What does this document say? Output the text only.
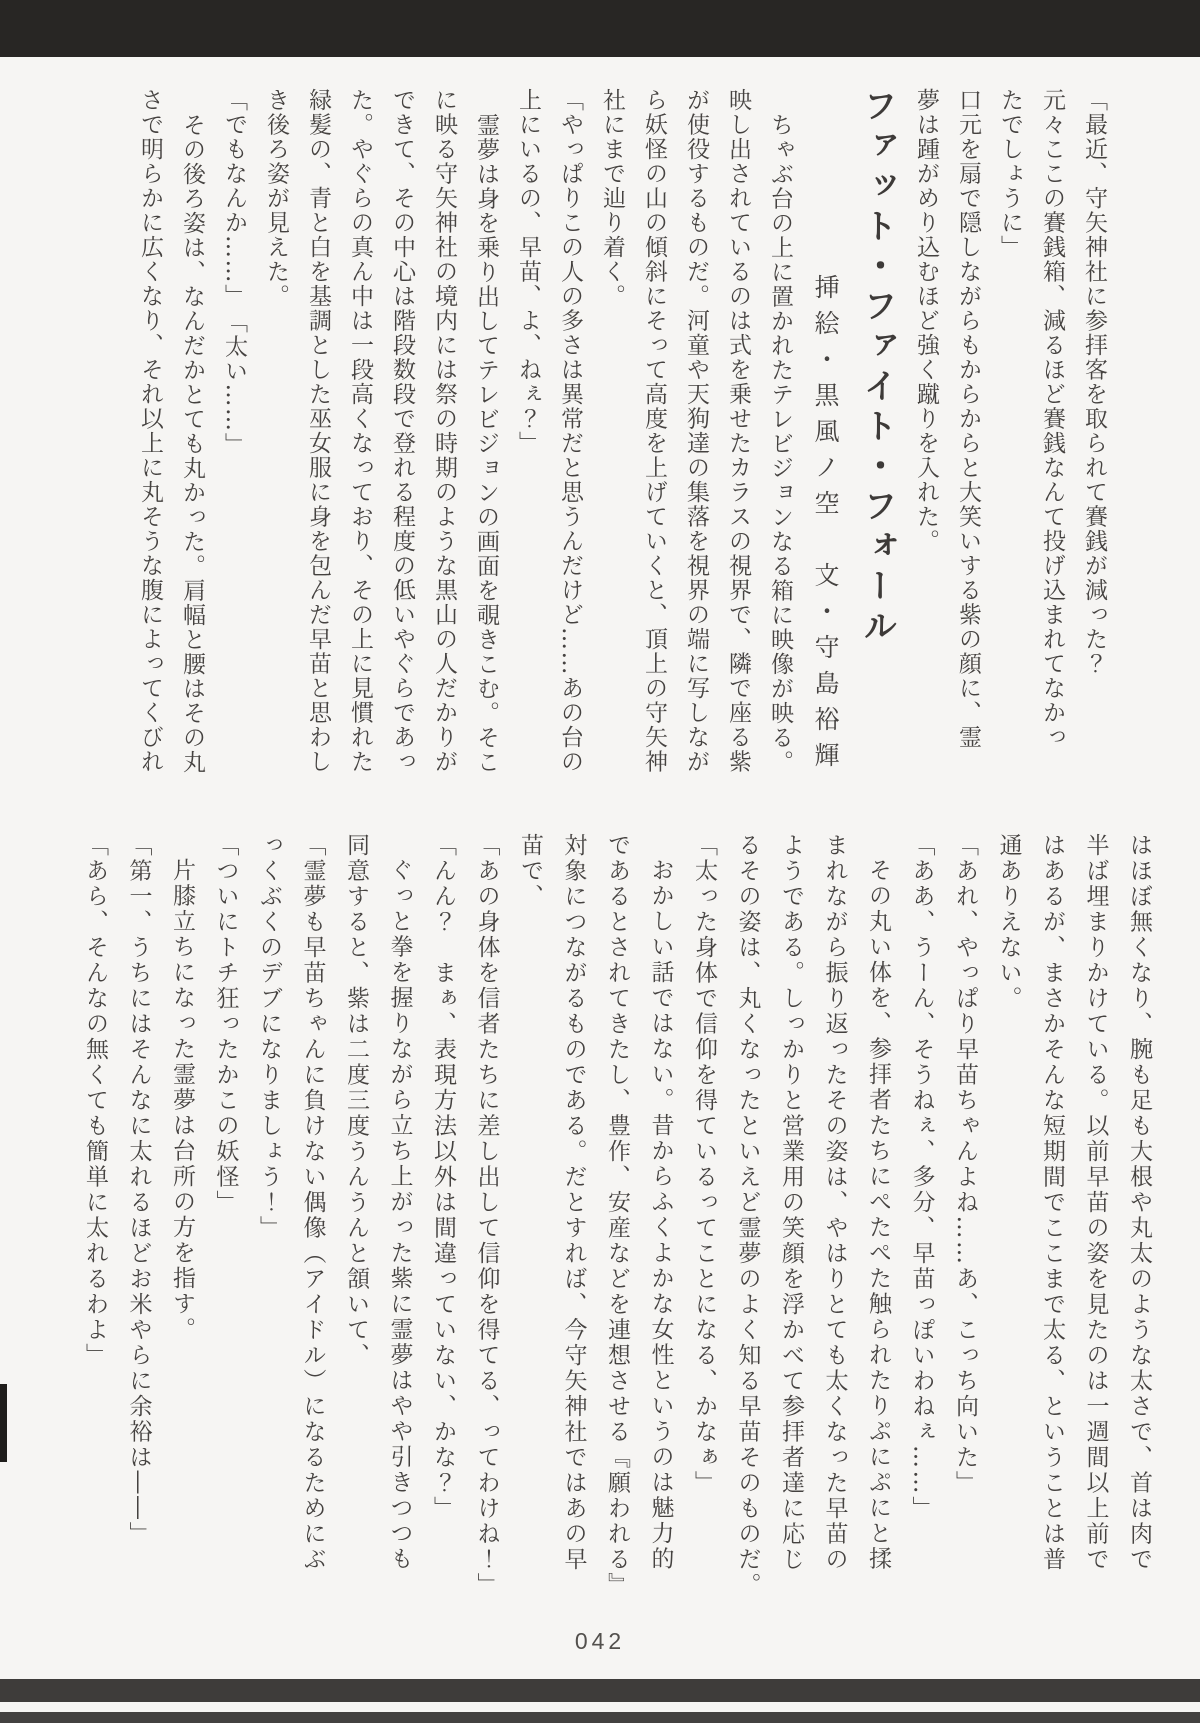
「最近、守矢神社に参拝客を取られて賽銭が減った？

元々ここの賽銭箱、減るほど賽銭なんて投げ込まれてなかっ

たでしょうに」

口元を扇で隠しながらもからからと大笑いする紫の顔に、霊

夢は踵がめり込むほど強く蹴りを入れた。

ファット・ファイト・フォール

挿絵・黒風ノ空　文・守島裕輝

ちゃぶ台の上に置かれたテレビジョンなる箱に映像が映る。

映し出されているのは式を乗せたカラスの視界で、隣で座る紫

が使役するものだ。河童や天狗達の集落を視界の端に写しなが

ら妖怪の山の傾斜にそって高度を上げていくと、頂上の守矢神

社にまで辿り着く。

「やっぱりこの人の多さは異常だと思うんだけど……あの台の

上にいるの、早苗、よ、ねぇ？」

霊夢は身を乗り出してテレビジョンの画面を覗きこむ。そこ

に映る守矢神社の境内には祭の時期のような黒山の人だかりが

できて、その中心は階段数段で登れる程度の低いやぐらであっ

た。やぐらの真ん中は一段高くなっており、その上に見慣れた

緑髪の、青と白を基調とした巫女服に身を包んだ早苗と思わし

き後ろ姿が見えた。

「でもなんか……」　「太い……」

その後ろ姿は、なんだかとても丸かった。肩幅と腰はその丸

さで明らかに広くなり、それ以上に丸そうな腹によってくびれ

はほぼ無くなり、腕も足も大根や丸太のような太さで、首は肉で

半ば埋まりかけている。以前早苗の姿を見たのは一週間以上前で

はあるが、まさかそんな短期間でここまで太る、ということは普

通ありえない。

「あれ、やっぱり早苗ちゃんよね……あ、こっち向いた」

「ああ、うーん、そうねぇ、多分、早苗っぽいわねぇ……」

その丸い体を、参拝者たちにぺたぺた触られたりぷにぷにと揉

まれながら振り返ったその姿は、やはりとても太くなった早苗の

ようである。しっかりと営業用の笑顔を浮かべて参拝者達に応じ

るその姿は、丸くなったといえど霊夢のよく知る早苗そのものだ。

「太った身体で信仰を得ているってことになる、かなぁ」

おかしい話ではない。昔からふくよかな女性というのは魅力的

であるとされてきたし、豊作、安産などを連想させる『願われる』

対象につながるものである。だとすれば、今守矢神社ではあの早

苗で、

「あの身体を信者たちに差し出して信仰を得てる、ってわけね！」

「んん？　まぁ、表現方法以外は間違っていない、かな？」

ぐっと拳を握りながら立ち上がった紫に霊夢はやや引きつつも

同意すると、紫は二度三度うんうんと頷いて、

「霊夢も早苗ちゃんに負けない偶像（アイドル）になるためにぶ

っくぶくのデブになりましょう！」

「ついにトチ狂ったかこの妖怪」

片膝立ちになった霊夢は台所の方を指す。

「第一、うちにはそんなに太れるほどお米やらに余裕は――」

「あら、そんなの無くても簡単に太れるわよ」

042
